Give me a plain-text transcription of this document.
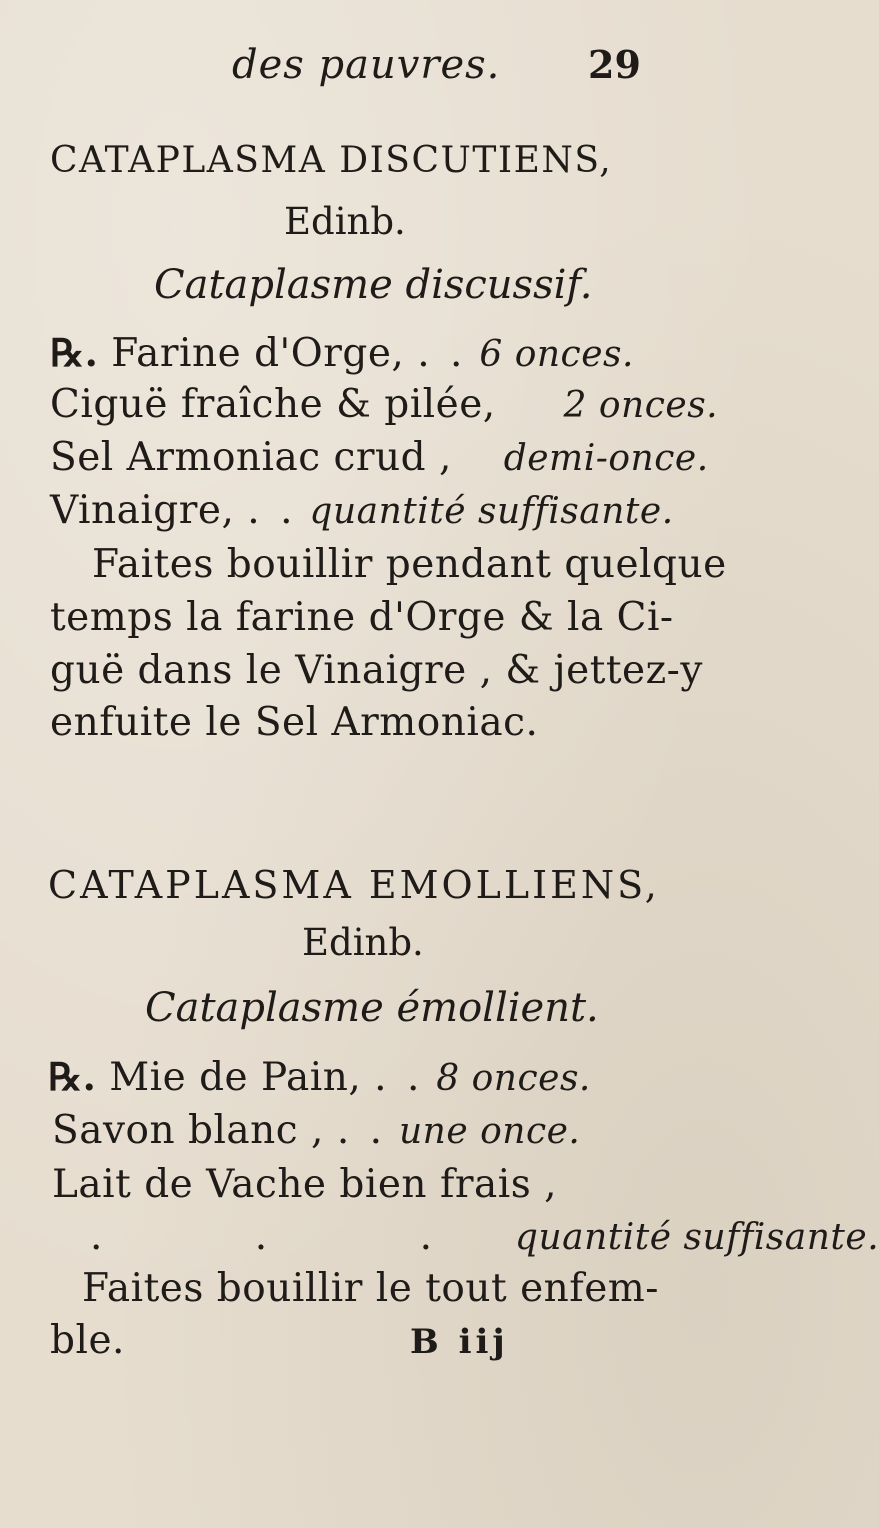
des pauvres. 29

CATAPLASMA DISCUTIENS,

Edinb.

Cataplasme discussif.

℞. Farine d'Orge, . . 6 onces.

Ciguë fraîche & pilée, 2 onces.

Sel Armoniac crud , demi-once.

Vinaigre, . . quantité suffisante.

Faites bouillir pendant quelque

temps la farine d'Orge & la Ci-

guë dans le Vinaigre , & jettez-y

enfuite le Sel Armoniac.

CATAPLASMA EMOLLIENS,

Edinb.

Cataplasme émollient.

℞. Mie de Pain, . . 8 onces.

Savon blanc , . . une once.

Lait de Vache bien frais ,

. . . quantité suffisante.

Faites bouillir le tout enfem-

ble.	B iij
